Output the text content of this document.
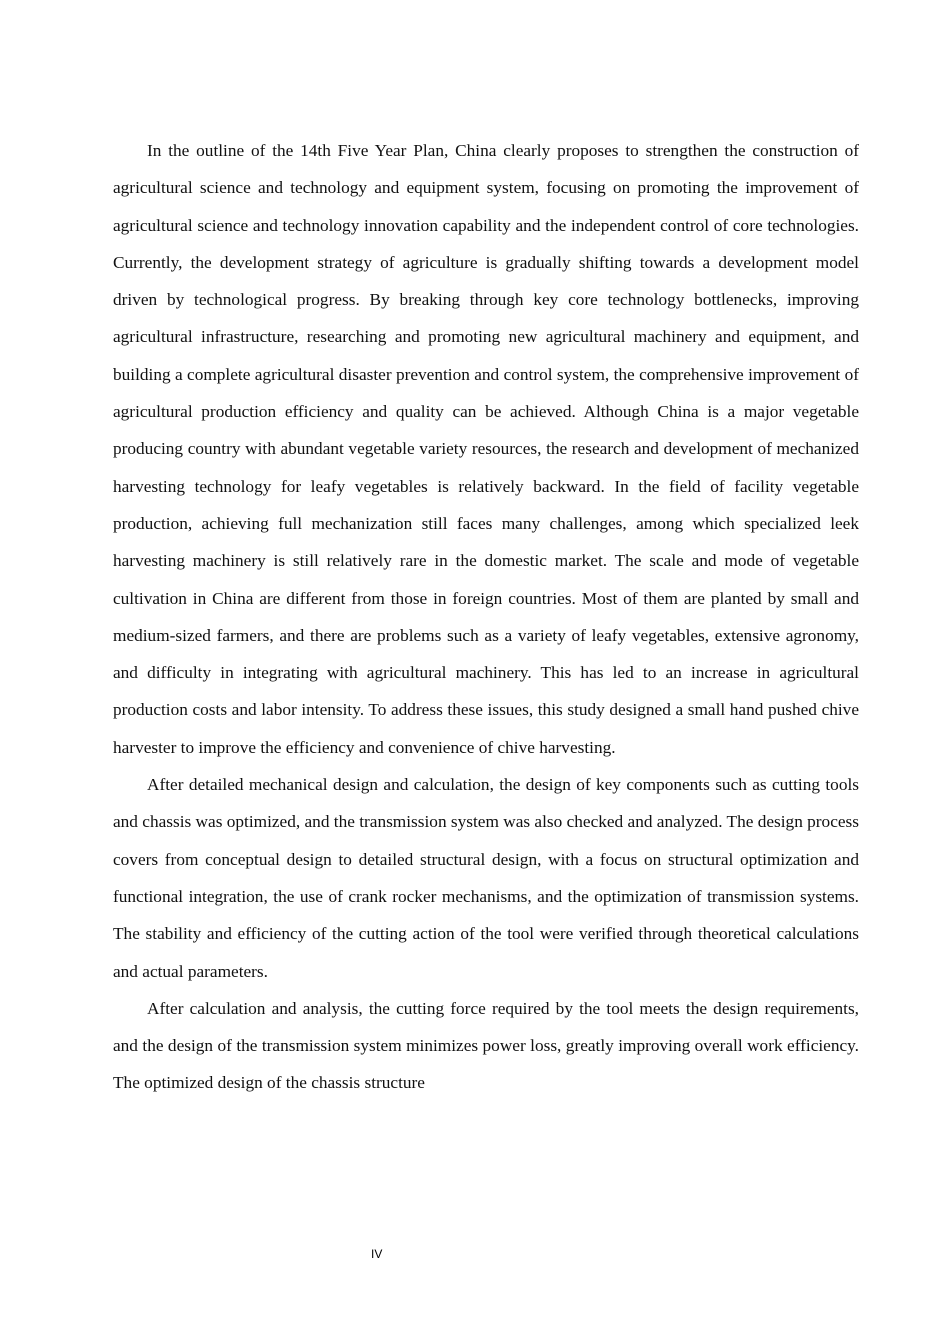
In the outline of the 14th Five Year Plan, China clearly proposes to strengthen the construction of agricultural science and technology and equipment system, focusing on promoting the improvement of agricultural science and technology innovation capability and the independent control of core technologies. Currently, the development strategy of agriculture is gradually shifting towards a development model driven by technological progress. By breaking through key core technology bottlenecks, improving agricultural infrastructure, researching and promoting new agricultural machinery and equipment, and building a complete agricultural disaster prevention and control system, the comprehensive improvement of agricultural production efficiency and quality can be achieved. Although China is a major vegetable producing country with abundant vegetable variety resources, the research and development of mechanized harvesting technology for leafy vegetables is relatively backward. In the field of facility vegetable production, achieving full mechanization still faces many challenges, among which specialized leek harvesting machinery is still relatively rare in the domestic market. The scale and mode of vegetable cultivation in China are different from those in foreign countries. Most of them are planted by small and medium-sized farmers, and there are problems such as a variety of leafy vegetables, extensive agronomy, and difficulty in integrating with agricultural machinery. This has led to an increase in agricultural production costs and labor intensity. To address these issues, this study designed a small hand pushed chive harvester to improve the efficiency and convenience of chive harvesting.

After detailed mechanical design and calculation, the design of key components such as cutting tools and chassis was optimized, and the transmission system was also checked and analyzed. The design process covers from conceptual design to detailed structural design, with a focus on structural optimization and functional integration, the use of crank rocker mechanisms, and the optimization of transmission systems. The stability and efficiency of the cutting action of the tool were verified through theoretical calculations and actual parameters.

After calculation and analysis, the cutting force required by the tool meets the design requirements, and the design of the transmission system minimizes power loss, greatly improving overall work efficiency. The optimized design of the chassis structure

IV
